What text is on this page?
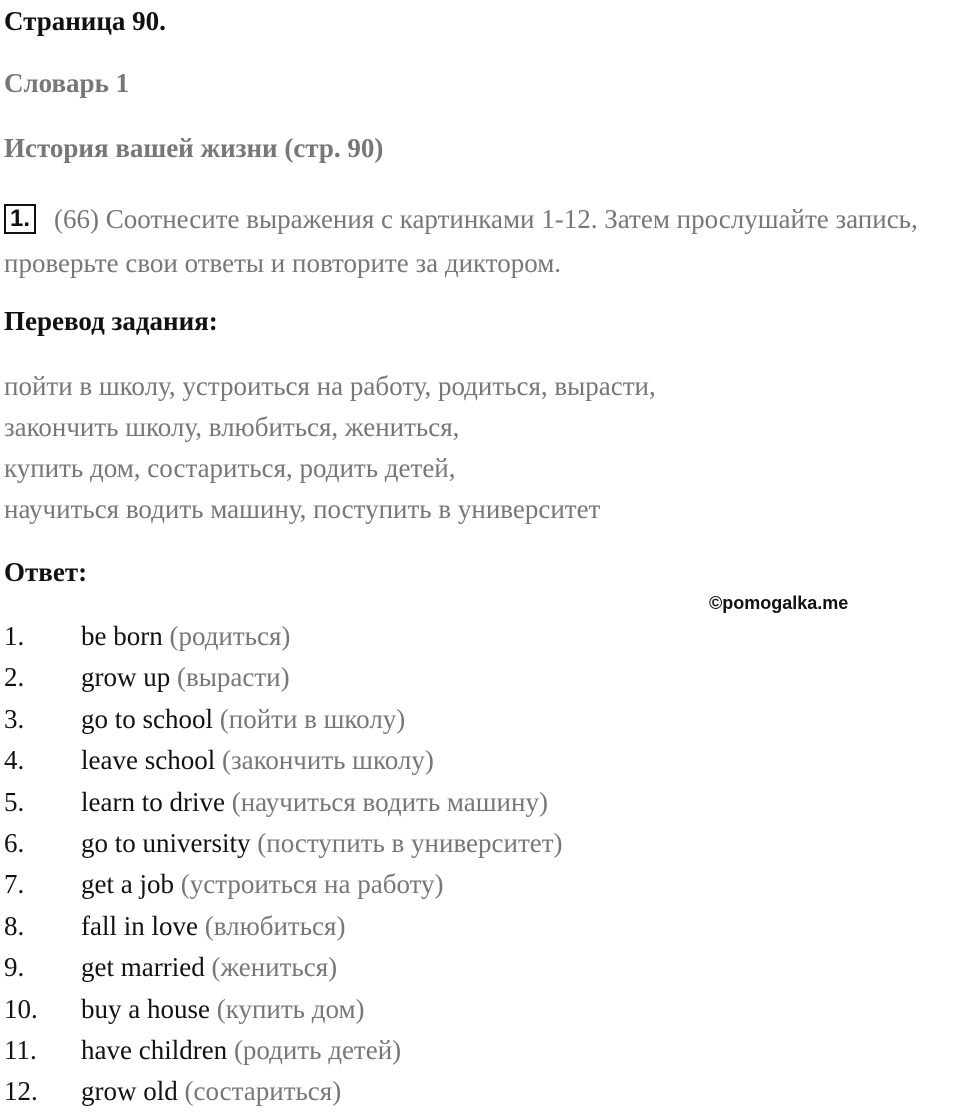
Страница 90.
Словарь 1
История вашей жизни (стр. 90)
1. (66) Соотнесите выражения с картинками 1-12. Затем прослушайте запись, проверьте свои ответы и повторите за диктором.
Перевод задания:
пойти в школу, устроиться на работу, родиться, вырасти,
закончить школу, влюбиться, жениться,
купить дом, состариться, родить детей,
научиться водить машину, поступить в университет
Ответ:
©pomogalka.me
1. be born (родиться)
2. grow up (вырасти)
3. go to school (пойти в школу)
4. leave school (закончить школу)
5. learn to drive (научиться водить машину)
6. go to university (поступить в университет)
7. get a job (устроиться на работу)
8. fall in love (влюбиться)
9. get married (жениться)
10. buy a house (купить дом)
11. have children (родить детей)
12. grow old (состариться)
